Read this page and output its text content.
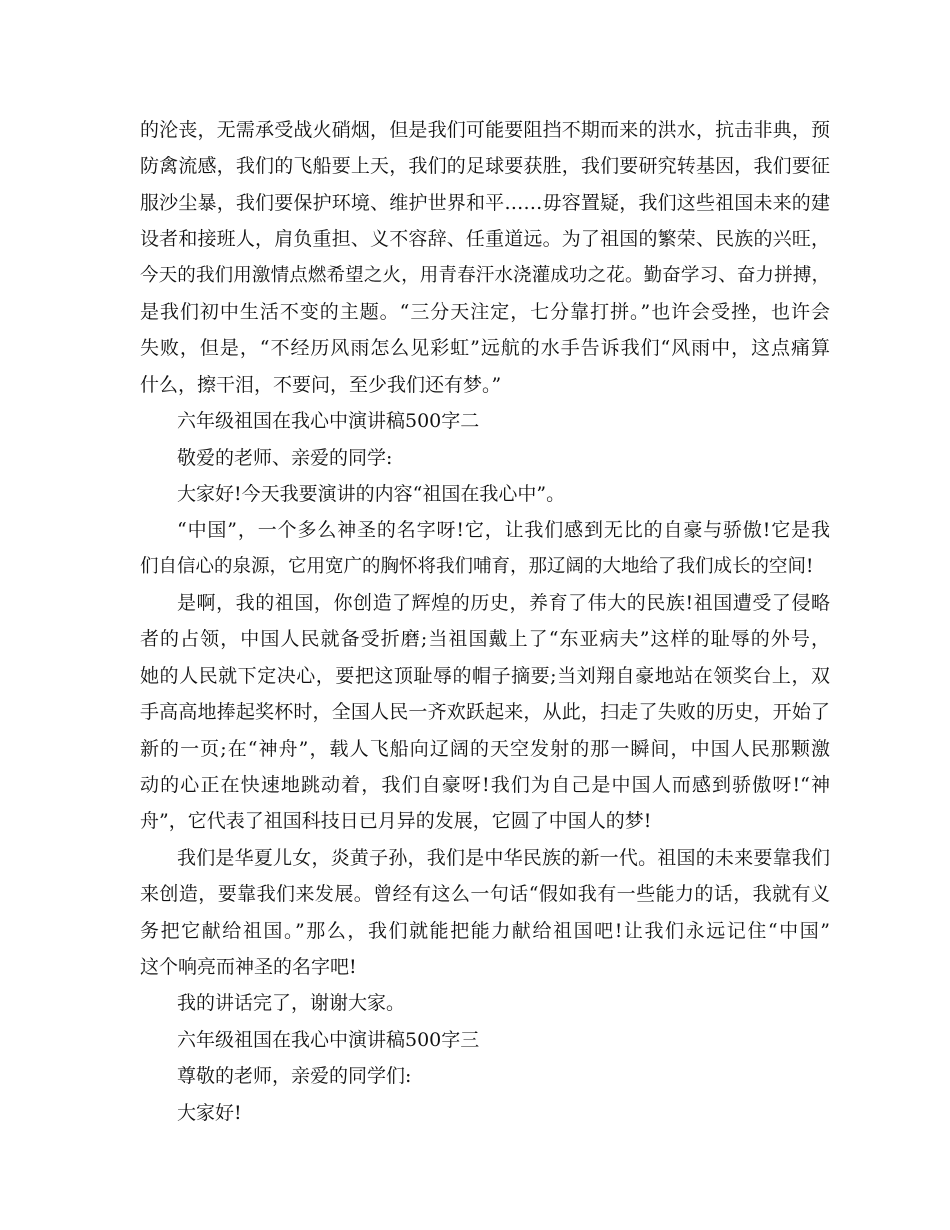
的沦丧，无需承受战火硝烟，但是我们可能要阻挡不期而来的洪水，抗击非典，预
防禽流感，我们的飞船要上天，我们的足球要获胜，我们要研究转基因，我们要征
服沙尘暴，我们要保护环境、维护世界和平……毋容置疑，我们这些祖国未来的建
设者和接班人，肩负重担、义不容辞、任重道远。为了祖国的繁荣、民族的兴旺，
今天的我们用激情点燃希望之火，用青春汗水浇灌成功之花。勤奋学习、奋力拼搏，
是我们初中生活不变的主题。“三分天注定，七分靠打拼。”也许会受挫，也许会
失败，但是，“不经历风雨怎么见彩虹”远航的水手告诉我们“风雨中，这点痛算
什么，擦干泪，不要问，至少我们还有梦。”
六年级祖国在我心中演讲稿500字二
敬爱的老师、亲爱的同学:
大家好!今天我要演讲的内容“祖国在我心中”。
“中国”，一个多么神圣的名字呀!它，让我们感到无比的自豪与骄傲!它是我
们自信心的泉源，它用宽广的胸怀将我们哺育，那辽阔的大地给了我们成长的空间!
是啊，我的祖国，你创造了辉煌的历史，养育了伟大的民族!祖国遭受了侵略
者的占领，中国人民就备受折磨;当祖国戴上了“东亚病夫”这样的耻辱的外号，
她的人民就下定决心，要把这顶耻辱的帽子摘要;当刘翔自豪地站在领奖台上，双
手高高地捧起奖杯时，全国人民一齐欢跃起来，从此，扫走了失败的历史，开始了
新的一页;在“神舟”，载人飞船向辽阔的天空发射的那一瞬间，中国人民那颗激
动的心正在快速地跳动着，我们自豪呀!我们为自己是中国人而感到骄傲呀!“神
舟”，它代表了祖国科技日已月异的发展，它圆了中国人的梦!
我们是华夏儿女，炎黄子孙，我们是中华民族的新一代。祖国的未来要靠我们
来创造，要靠我们来发展。曾经有这么一句话“假如我有一些能力的话，我就有义
务把它献给祖国。”那么，我们就能把能力献给祖国吧!让我们永远记住“中国”
这个响亮而神圣的名字吧!
我的讲话完了，谢谢大家。
六年级祖国在我心中演讲稿500字三
尊敬的老师，亲爱的同学们:
大家好!
